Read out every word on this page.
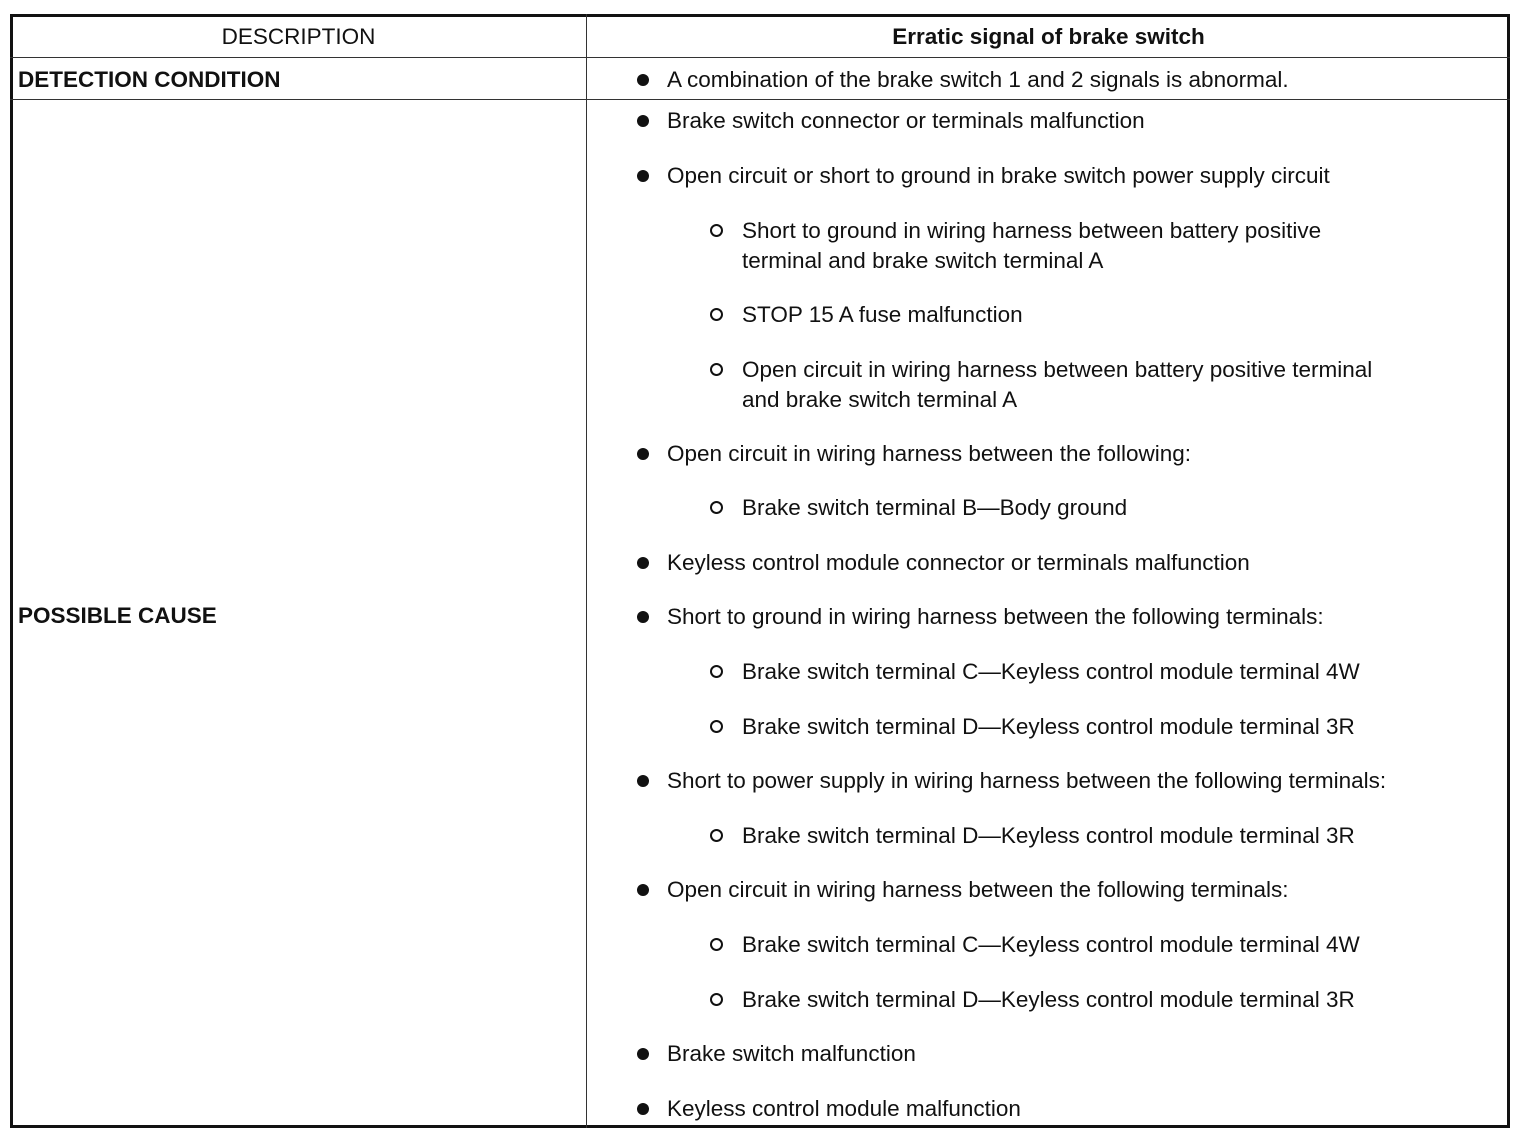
DESCRIPTION	Erratic signal of brake switch
DETECTION CONDITION	A combination of the brake switch 1 and 2 signals is abnormal.
POSSIBLE CAUSE
Brake switch connector or terminals malfunction
Open circuit or short to ground in brake switch power supply circuit
Short to ground in wiring harness between battery positive
terminal and brake switch terminal A
STOP 15 A fuse malfunction
Open circuit in wiring harness between battery positive terminal
and brake switch terminal A
Open circuit in wiring harness between the following:
Brake switch terminal B—Body ground
Keyless control module connector or terminals malfunction
Short to ground in wiring harness between the following terminals:
Brake switch terminal C—Keyless control module terminal 4W
Brake switch terminal D—Keyless control module terminal 3R
Short to power supply in wiring harness between the following terminals:
Brake switch terminal D—Keyless control module terminal 3R
Open circuit in wiring harness between the following terminals:
Brake switch terminal C—Keyless control module terminal 4W
Brake switch terminal D—Keyless control module terminal 3R
Brake switch malfunction
Keyless control module malfunction
